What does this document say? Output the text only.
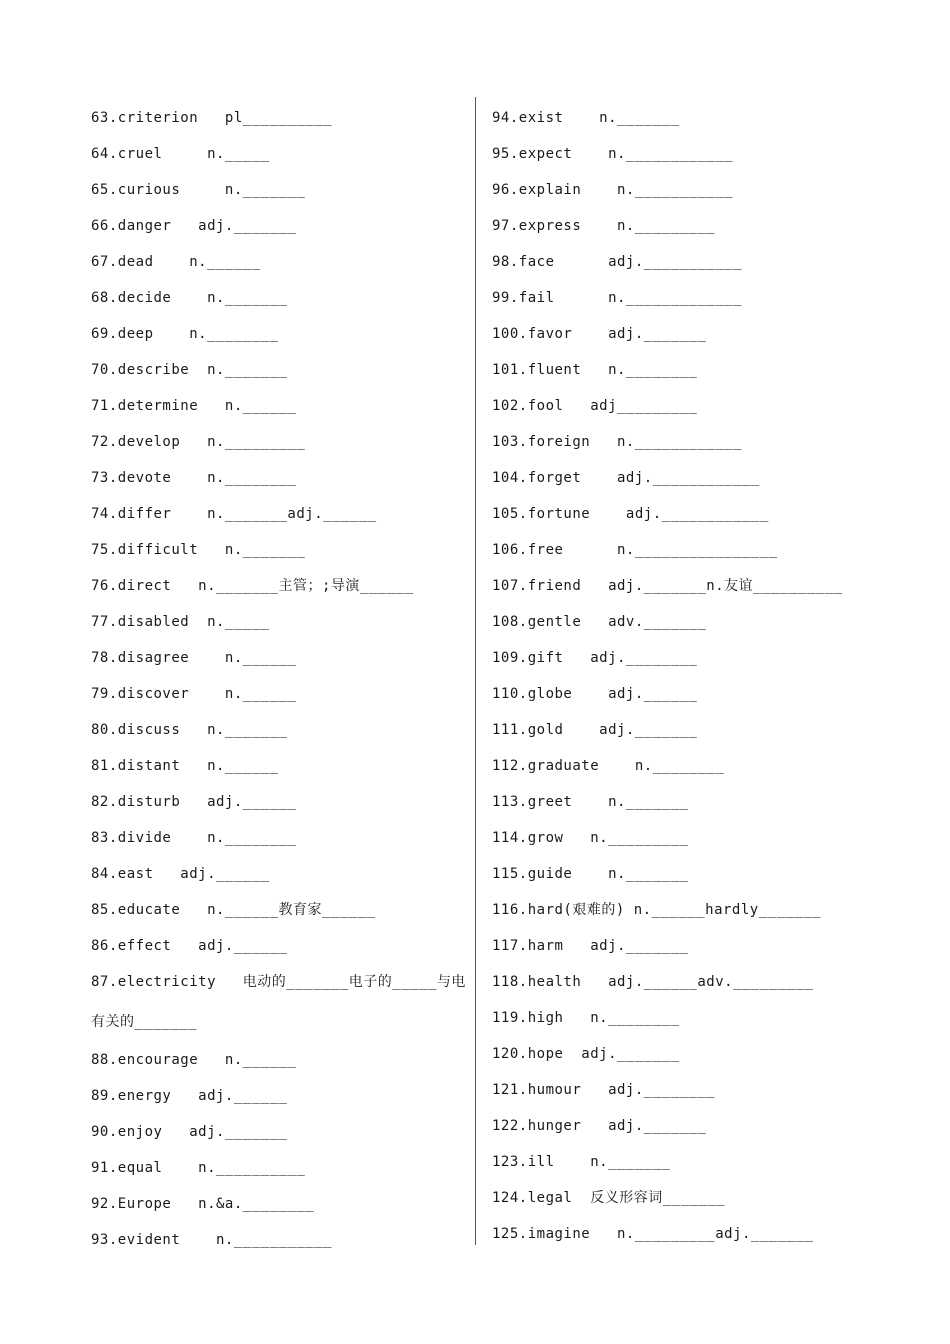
63.criterion   pl__________
64.cruel     n._____
65.curious     n._______
66.danger   adj._______
67.dead    n.______
68.decide    n._______
69.deep    n.________
70.describe  n._______
71.determine   n.______
72.develop   n._________
73.devote    n.________
74.differ    n._______adj.______
75.difficult   n._______
76.direct   n._______主管；;导演______
77.disabled  n._____
78.disagree    n.______
79.discover    n.______
80.discuss   n._______
81.distant   n.______
82.disturb   adj.______
83.divide    n.________
84.east   adj.______
85.educate   n.______教育家______
86.effect   adj.______
87.electricity   电动的_______电子的_____与电有关的_______
88.encourage   n.______
89.energy   adj.______
90.enjoy   adj._______
91.equal    n.__________
92.Europe   n.&a.________
93.evident    n.___________
94.exist    n._______
95.expect    n.____________
96.explain    n.___________
97.express    n._________
98.face      adj.___________
99.fail      n._____________
100.favor    adj._______
101.fluent   n.________
102.fool   adj_________
103.foreign   n.____________
104.forget    adj.____________
105.fortune    adj.____________
106.free      n.________________
107.friend   adj._______n.友谊__________
108.gentle   adv._______
109.gift   adj.________
110.globe    adj.______
111.gold    adj._______
112.graduate    n.________
113.greet    n._______
114.grow   n._________
115.guide    n._______
116.hard(艰难的) n.______hardly_______
117.harm   adj._______
118.health   adj.______adv._________
119.high   n.________
120.hope  adj._______
121.humour   adj.________
122.hunger   adj._______
123.ill    n._______
124.legal  反义形容词_______
125.imagine   n._________adj._______
